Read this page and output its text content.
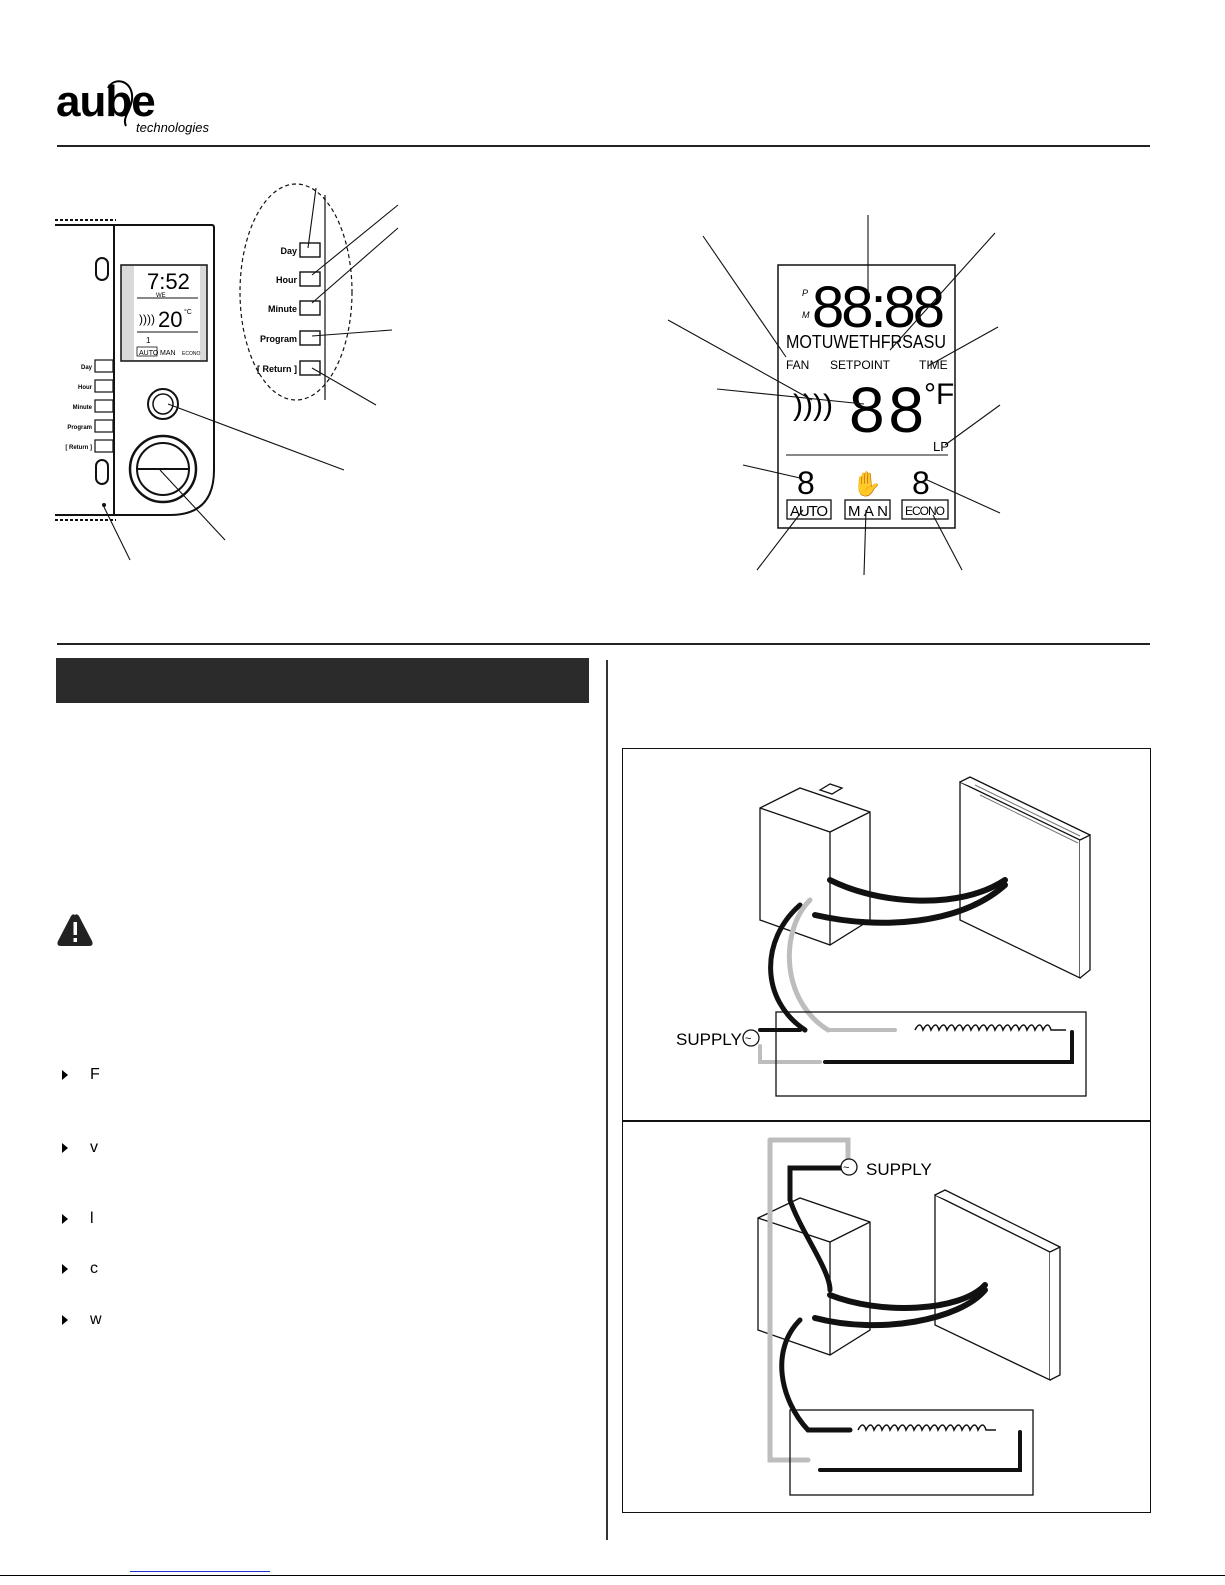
aube
technologies
7:52
WE
)))) 20 °C
1
AUTO MAN ECONO
Day
Hour
Minute
Program
[ Return ]
Day
Hour
Minute
Program
[ Return ]
P
M 88:88
MOTUWETHFRSASU
FAN SETPOINT TIME
)))) 88 °F
LP
8 ✋ 8
AUTO MAN ECONO
F
v
l
c
w
~
SUPPLY
~ SUPPLY
